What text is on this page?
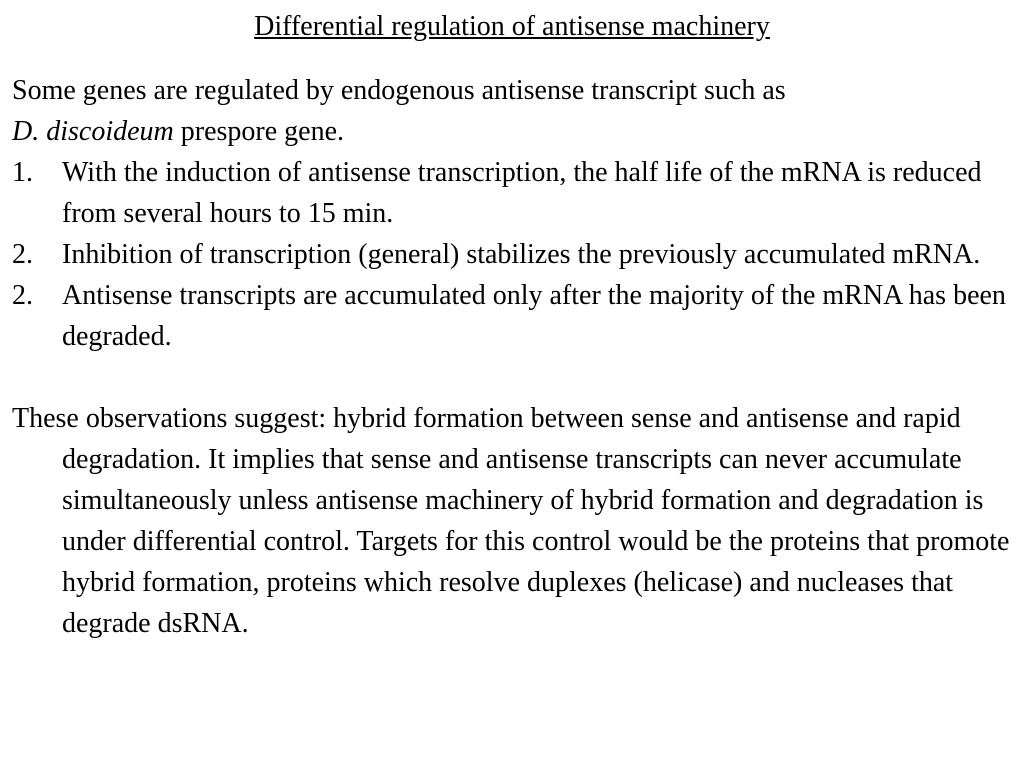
Differential regulation of antisense machinery

Some genes are regulated by endogenous antisense transcript such as
D. discoideum prespore gene.

1. With the induction of antisense transcription, the half life of the mRNA is reduced from several hours to 15 min.
2. Inhibition of transcription (general) stabilizes the previously accumulated mRNA.
2. Antisense transcripts are accumulated only after the majority of the mRNA has been degraded.

These observations suggest: hybrid formation between sense and antisense and rapid degradation. It implies that sense and antisense transcripts can never accumulate simultaneously unless antisense machinery of hybrid formation and degradation is under differential control. Targets for this control would be the proteins that promote hybrid formation, proteins which resolve duplexes (helicase) and nucleases that degrade dsRNA.
